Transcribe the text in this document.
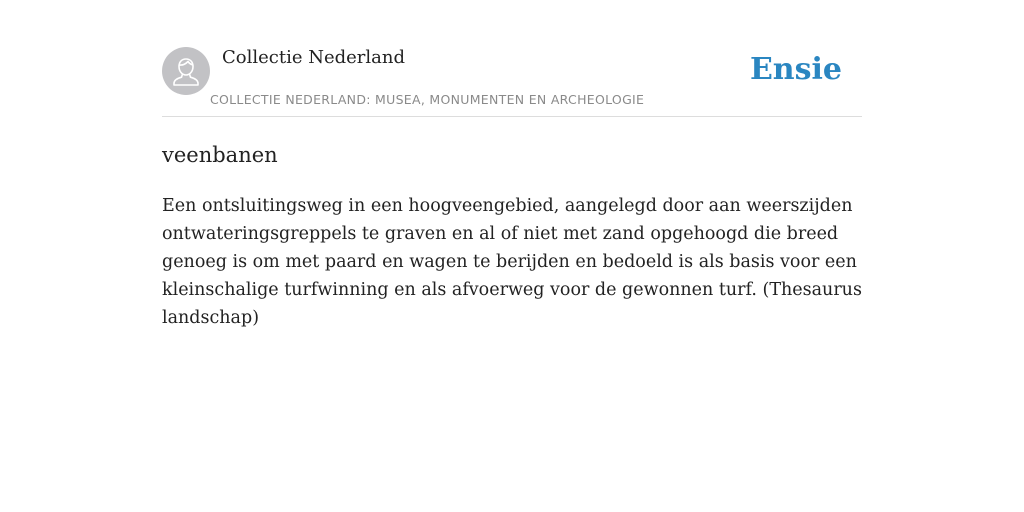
Collectie Nederland
COLLECTIE NEDERLAND: MUSEA, MONUMENTEN EN ARCHEOLOGIE
Ensie
veenbanen

Een ontsluitingsweg in een hoogveengebied, aangelegd door aan weerszijden ontwateringsgreppels te graven en al of niet met zand opgehoogd die breed genoeg is om met paard en wagen te berijden en bedoeld is als basis voor een kleinschalige turfwinning en als afvoerweg voor de gewonnen turf. (Thesaurus landschap)
